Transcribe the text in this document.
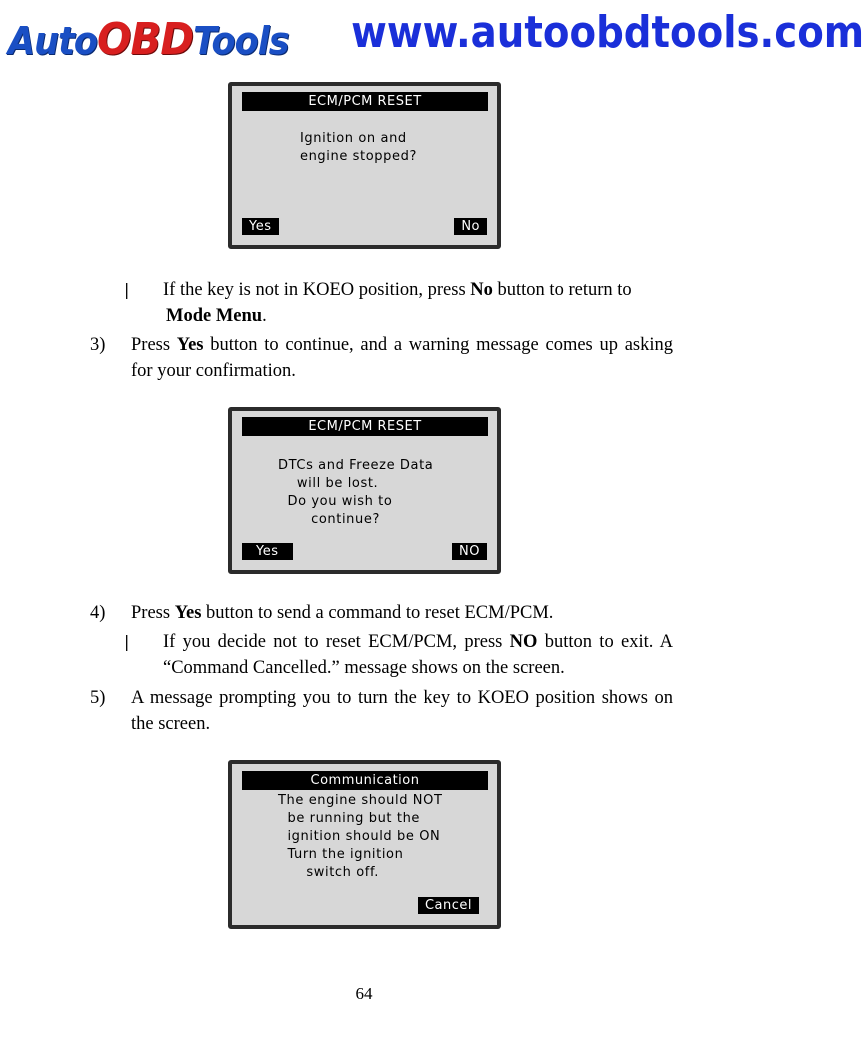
AutoOBDTools www.autoobdtools.com
ECM/PCM RESET
Ignition on and
engine stopped?
Yes	No
| If the key is not in KOEO position, press No button to return to
Mode Menu.
3) Press Yes button to continue, and a warning message comes up asking for your confirmation.
ECM/PCM RESET
DTCs and Freeze Data
will be lost.
Do you wish to
continue?
Yes	NO
4) Press Yes button to send a command to reset ECM/PCM.
| If you decide not to reset ECM/PCM, press NO button to exit. A “Command Cancelled.” message shows on the screen.
5) A message prompting you to turn the key to KOEO position shows on the screen.
Communication
The engine should NOT
be running but the
ignition should be ON
Turn the ignition
switch off.
Cancel
64
